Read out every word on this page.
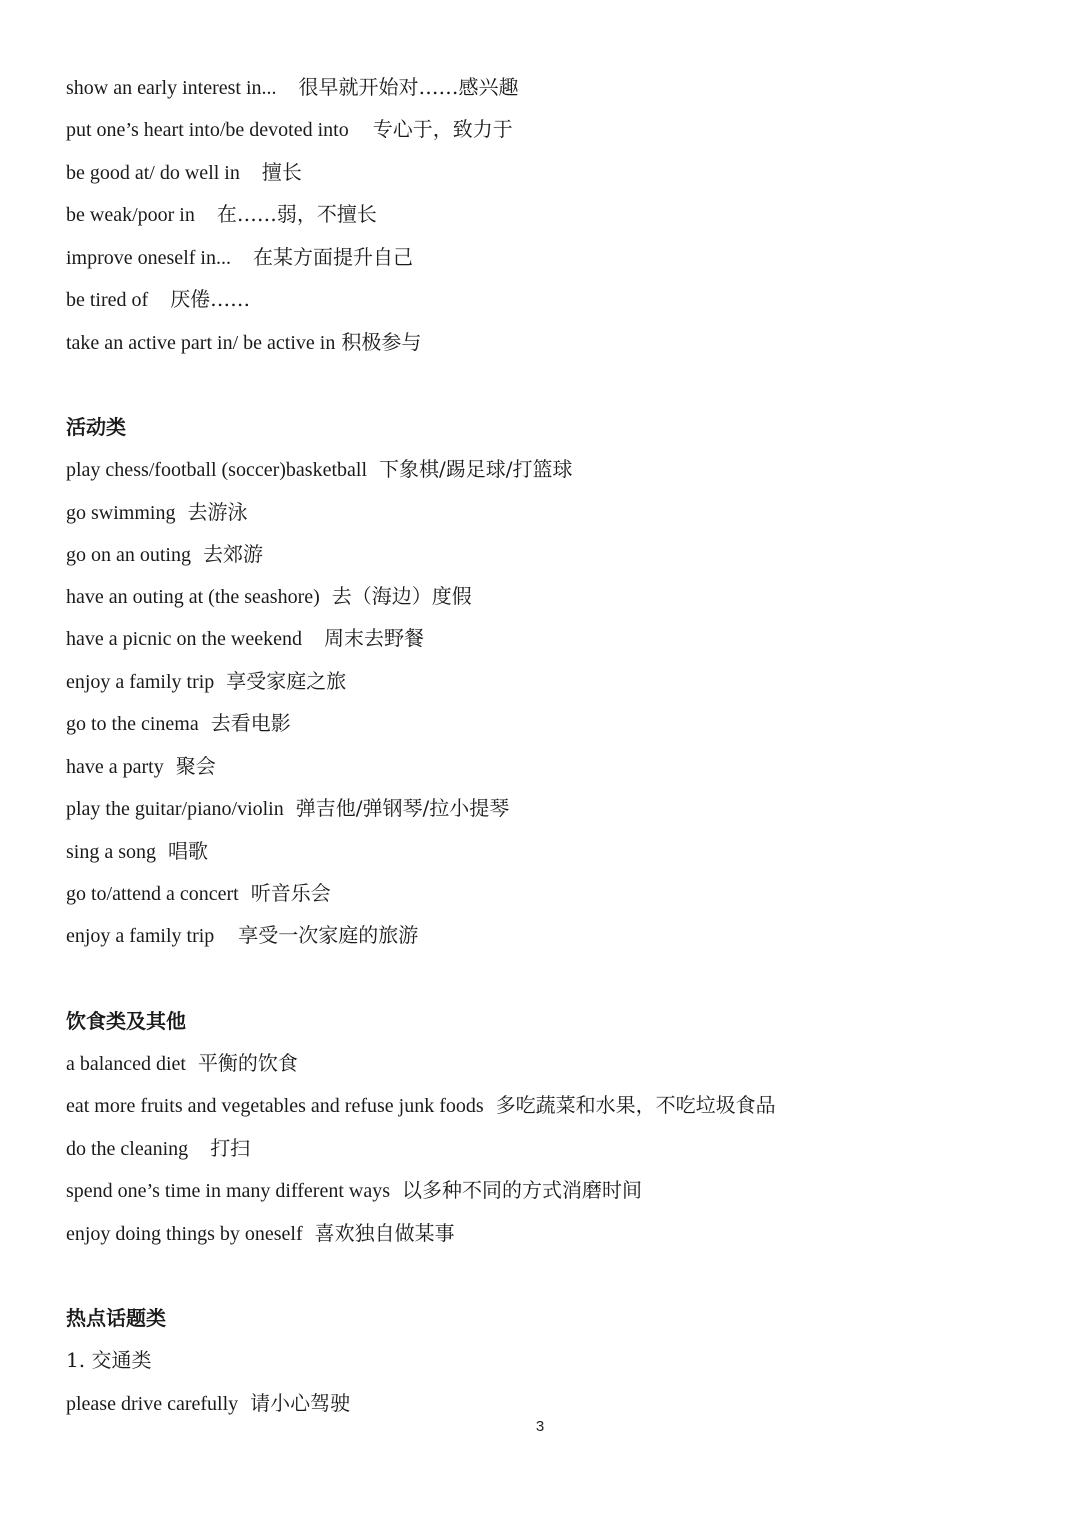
show an early interest in... 很早就开始对……感兴趣
put one’s heart into/be devoted into 专心于，致力于
be good at/ do well in 擅长
be weak/poor in 在……弱，不擅长
improve oneself in... 在某方面提升自己
be tired of 厌倦……
take an active part in/ be active in 积极参与
活动类
play chess/football (soccer)basketball 下象棋/踢足球/打篮球
go swimming 去游泳
go on an outing 去郊游
have an outing at (the seashore) 去（海边）度假
have a picnic on the weekend 周末去野餐
enjoy a family trip 享受家庭之旅
go to the cinema 去看电影
have a party 聚会
play the guitar/piano/violin 弹吉他/弹钢琴/拉小提琴
sing a song 唱歌
go to/attend a concert 听音乐会
enjoy a family trip 享受一次家庭的旅游
饮食类及其他
a balanced diet 平衡的饮食
eat more fruits and vegetables and refuse junk foods 多吃蔬菜和水果，不吃垃圾食品
do the cleaning 打扫
spend one’s time in many different ways 以多种不同的方式消磨时间
enjoy doing things by oneself 喜欢独自做某事
热点话题类
1. 交通类
please drive carefully 请小心驾驶
3
